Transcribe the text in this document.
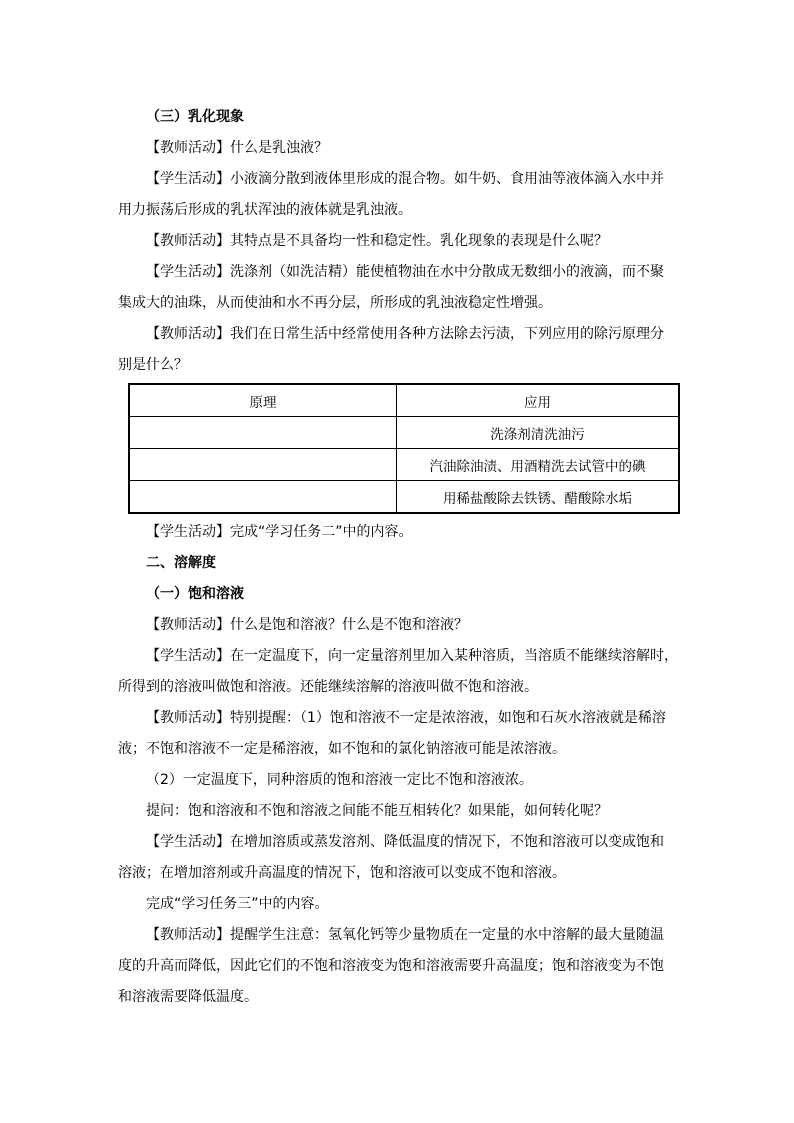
（三）乳化现象

【教师活动】什么是乳浊液？

【学生活动】小液滴分散到液体里形成的混合物。如牛奶、食用油等液体滴入水中并

用力振荡后形成的乳状浑浊的液体就是乳浊液。

【教师活动】其特点是不具备均一性和稳定性。乳化现象的表现是什么呢？

【学生活动】洗涤剂（如洗洁精）能使植物油在水中分散成无数细小的液滴，而不聚

集成大的油珠，从而使油和水不再分层，所形成的乳浊液稳定性增强。

【教师活动】我们在日常生活中经常使用各种方法除去污渍，下列应用的除污原理分

别是什么？

原理	应用
	洗涤剂清洗油污
	汽油除油渍、用酒精洗去试管中的碘
	用稀盐酸除去铁锈、醋酸除水垢

【学生活动】完成“学习任务二”中的内容。

二、溶解度

（一）饱和溶液

【教师活动】什么是饱和溶液？什么是不饱和溶液？

【学生活动】在一定温度下，向一定量溶剂里加入某种溶质，当溶质不能继续溶解时，

所得到的溶液叫做饱和溶液。还能继续溶解的溶液叫做不饱和溶液。

【教师活动】特别提醒：（1）饱和溶液不一定是浓溶液，如饱和石灰水溶液就是稀溶

液；不饱和溶液不一定是稀溶液，如不饱和的氯化钠溶液可能是浓溶液。

（2）一定温度下，同种溶质的饱和溶液一定比不饱和溶液浓。

提问：饱和溶液和不饱和溶液之间能不能互相转化？如果能，如何转化呢？

【学生活动】在增加溶质或蒸发溶剂、降低温度的情况下，不饱和溶液可以变成饱和

溶液；在增加溶剂或升高温度的情况下，饱和溶液可以变成不饱和溶液。

完成“学习任务三”中的内容。

【教师活动】提醒学生注意：氢氧化钙等少量物质在一定量的水中溶解的最大量随温

度的升高而降低，因此它们的不饱和溶液变为饱和溶液需要升高温度；饱和溶液变为不饱

和溶液需要降低温度。
